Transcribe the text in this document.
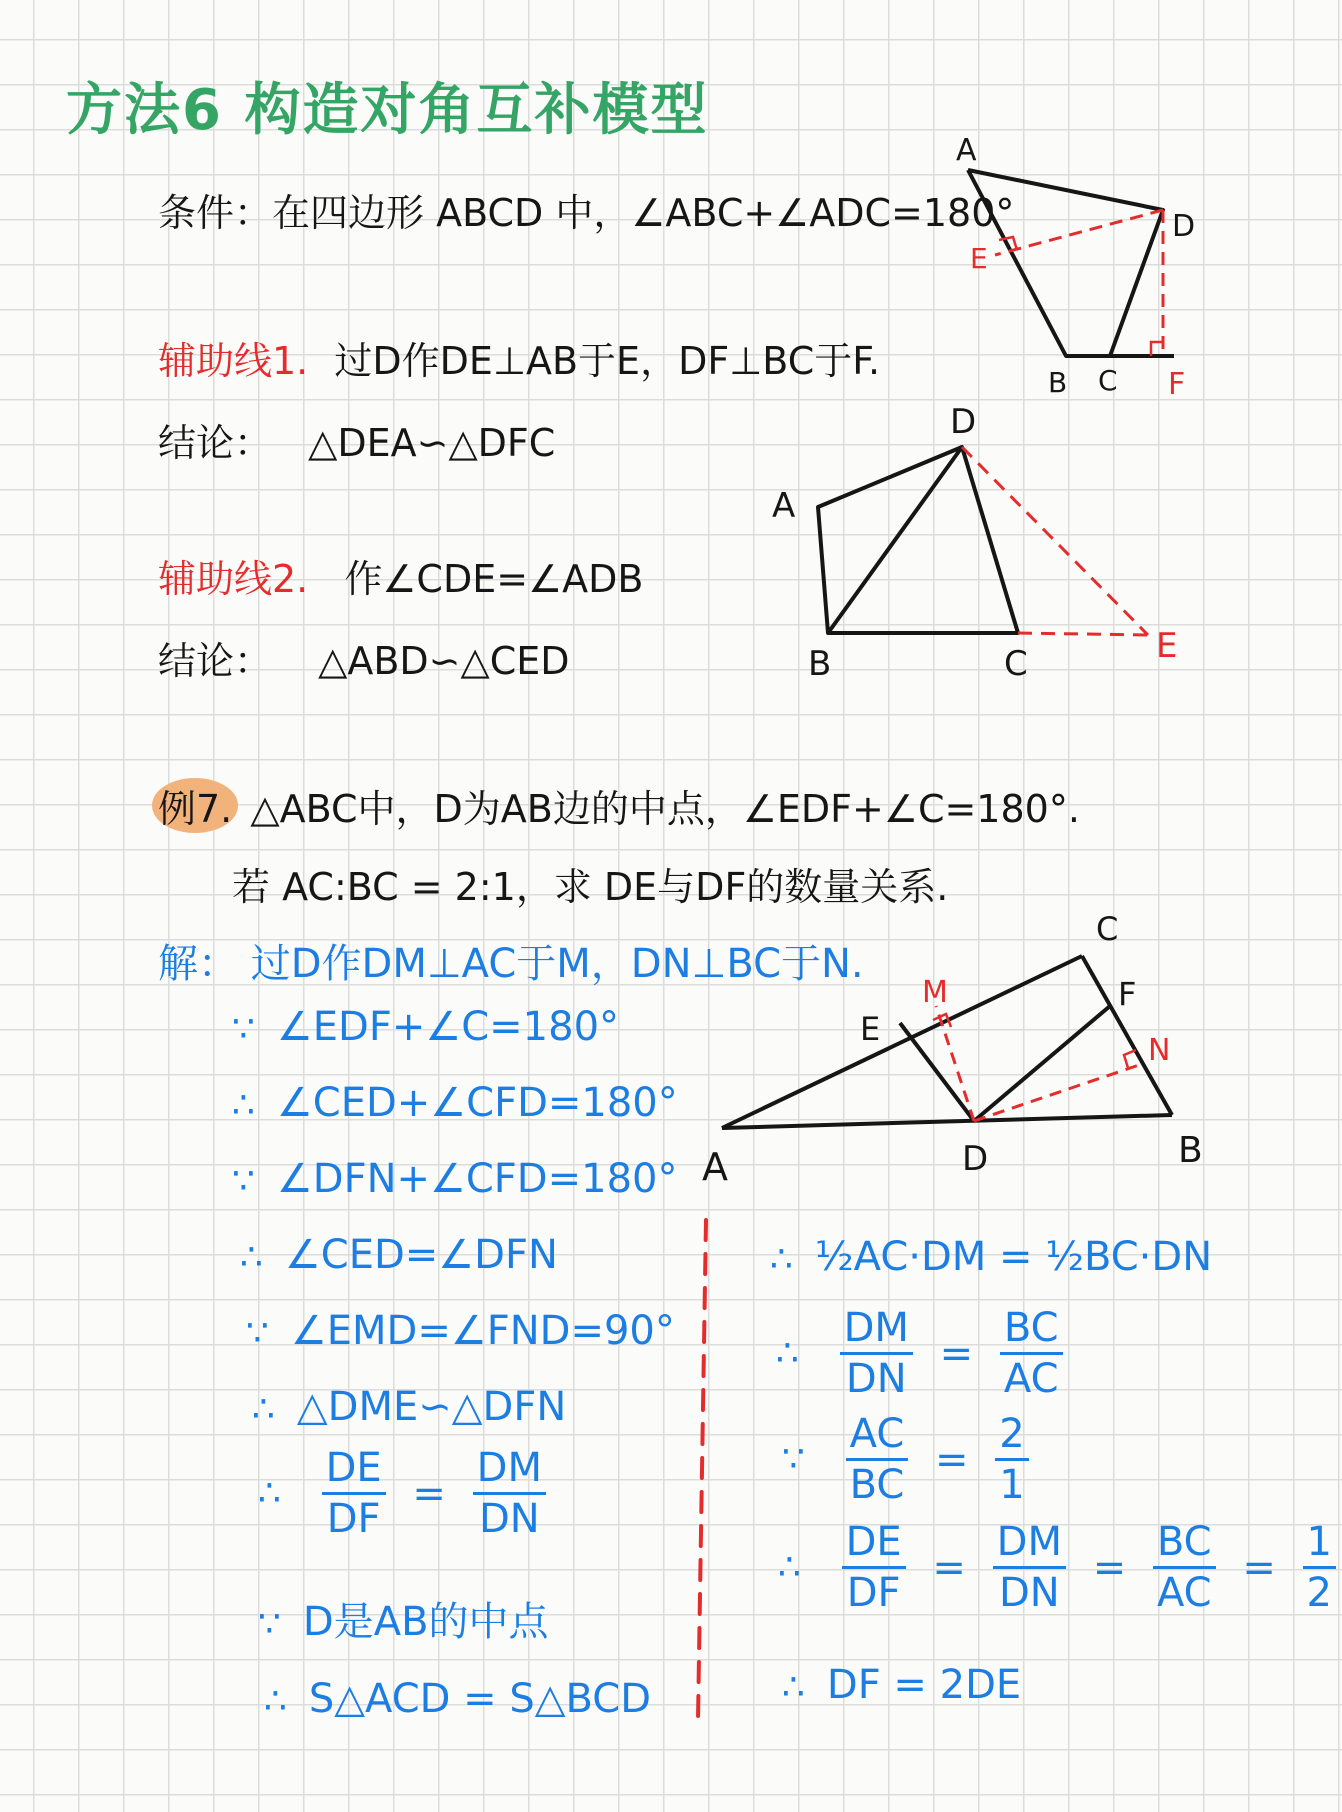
方法6 构造对角互补模型
条件：在四边形 ABCD 中，∠ABC+∠ADC=180°
辅助线1. 过D作DE⊥AB于E，DF⊥BC于F.
结论： △DEA∽△DFC
辅助线2. 作∠CDE=∠ADB
结论： △ABD∽△CED
例7. △ABC中，D为AB边的中点，∠EDF+∠C=180°.
若 AC:BC = 2:1，求 DE与DF的数量关系.
解： 过D作DM⊥AC于M，DN⊥BC于N.
∵ ∠EDF+∠C=180°
∴ ∠CED+∠CFD=180°
∵ ∠DFN+∠CFD=180°
∴ ∠CED=∠DFN
∵ ∠EMD=∠FND=90°
∴ △DME∽△DFN
∴ $\frac{DE}{DF} = \frac{DM}{DN}$
∵ D是AB的中点
∴ S△ACD = S△BCD
∴ ½AC·DM = ½BC·DN
∴ $\frac{DM}{DN} = \frac{BC}{AC}$
∵ $\frac{AC}{BC} = \frac{2}{1}$
∴ $\frac{DE}{DF} = \frac{DM}{DN} = \frac{BC}{AC} = \frac{1}{2}$
∴ DF = 2DE
A
D
E
B C F
D
A
B	C	E
A	D	B
C
E
F
M
N
